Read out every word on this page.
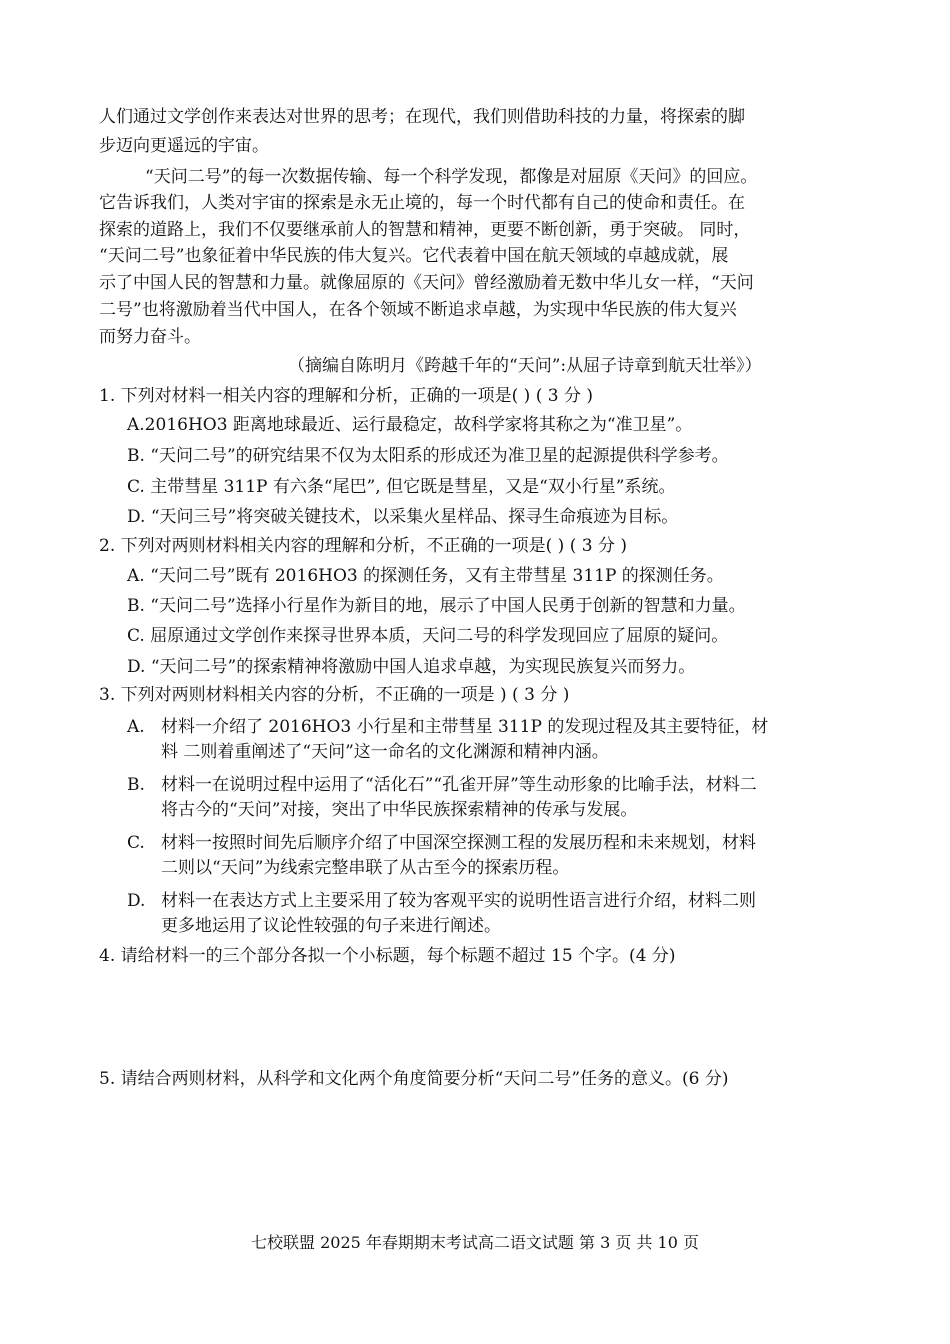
人们通过文学创作来表达对世界的思考；在现代，我们则借助科技的力量，将探索的脚
步迈向更遥远的宇宙。
“天问二号”的每一次数据传输、每一个科学发现，都像是对屈原《天问》的回应。
它告诉我们，人类对宇宙的探索是永无止境的，每一个时代都有自己的使命和责任。在
探索的道路上，我们不仅要继承前人的智慧和精神，更要不断创新，勇于突破。 同时，
“天问二号”也象征着中华民族的伟大复兴。它代表着中国在航天领域的卓越成就，展
示了中国人民的智慧和力量。就像屈原的《天问》曾经激励着无数中华儿女一样，“天问
二号”也将激励着当代中国人，在各个领域不断追求卓越，为实现中华民族的伟大复兴
而努力奋斗。
（摘编自陈明月《跨越千年的“天问”:从屈子诗章到航天壮举》）
1. 下列对材料一相关内容的理解和分析，正确的一项是( ) ( 3 分 )
A.2016HO3 距离地球最近、运行最稳定，故科学家将其称之为“准卫星”。
B. “天问二号”的研究结果不仅为太阳系的形成还为准卫星的起源提供科学参考。
C. 主带彗星 311P 有六条“尾巴”, 但它既是彗星，又是“双小行星”系统。
D. “天问三号”将突破关键技术，以采集火星样品、探寻生命痕迹为目标。
2. 下列对两则材料相关内容的理解和分析，不正确的一项是( ) ( 3 分 )
A. “天问二号”既有 2016HO3 的探测任务，又有主带彗星 311P 的探测任务。
B. “天问二号”选择小行星作为新目的地，展示了中国人民勇于创新的智慧和力量。
C. 屈原通过文学创作来探寻世界本质，天问二号的科学发现回应了屈原的疑问。
D. “天问二号”的探索精神将激励中国人追求卓越，为实现民族复兴而努力。
3. 下列对两则材料相关内容的分析，不正确的一项是 ) ( 3 分 )
A. 材料一介绍了 2016HO3 小行星和主带彗星 311P 的发现过程及其主要特征，材
料 二则着重阐述了“天问”这一命名的文化渊源和精神内涵。
B. 材料一在说明过程中运用了“活化石”“孔雀开屏”等生动形象的比喻手法，材料二
将古今的“天问”对接，突出了中华民族探索精神的传承与发展。
C. 材料一按照时间先后顺序介绍了中国深空探测工程的发展历程和未来规划，材料
二则以“天问”为线索完整串联了从古至今的探索历程。
D. 材料一在表达方式上主要采用了较为客观平实的说明性语言进行介绍，材料二则
更多地运用了议论性较强的句子来进行阐述。
4. 请给材料一的三个部分各拟一个小标题，每个标题不超过 15 个字。(4 分)
5. 请结合两则材料，从科学和文化两个角度简要分析“天问二号”任务的意义。(6 分)
七校联盟 2025 年春期期末考试高二语文试题 第 3 页 共 10 页
